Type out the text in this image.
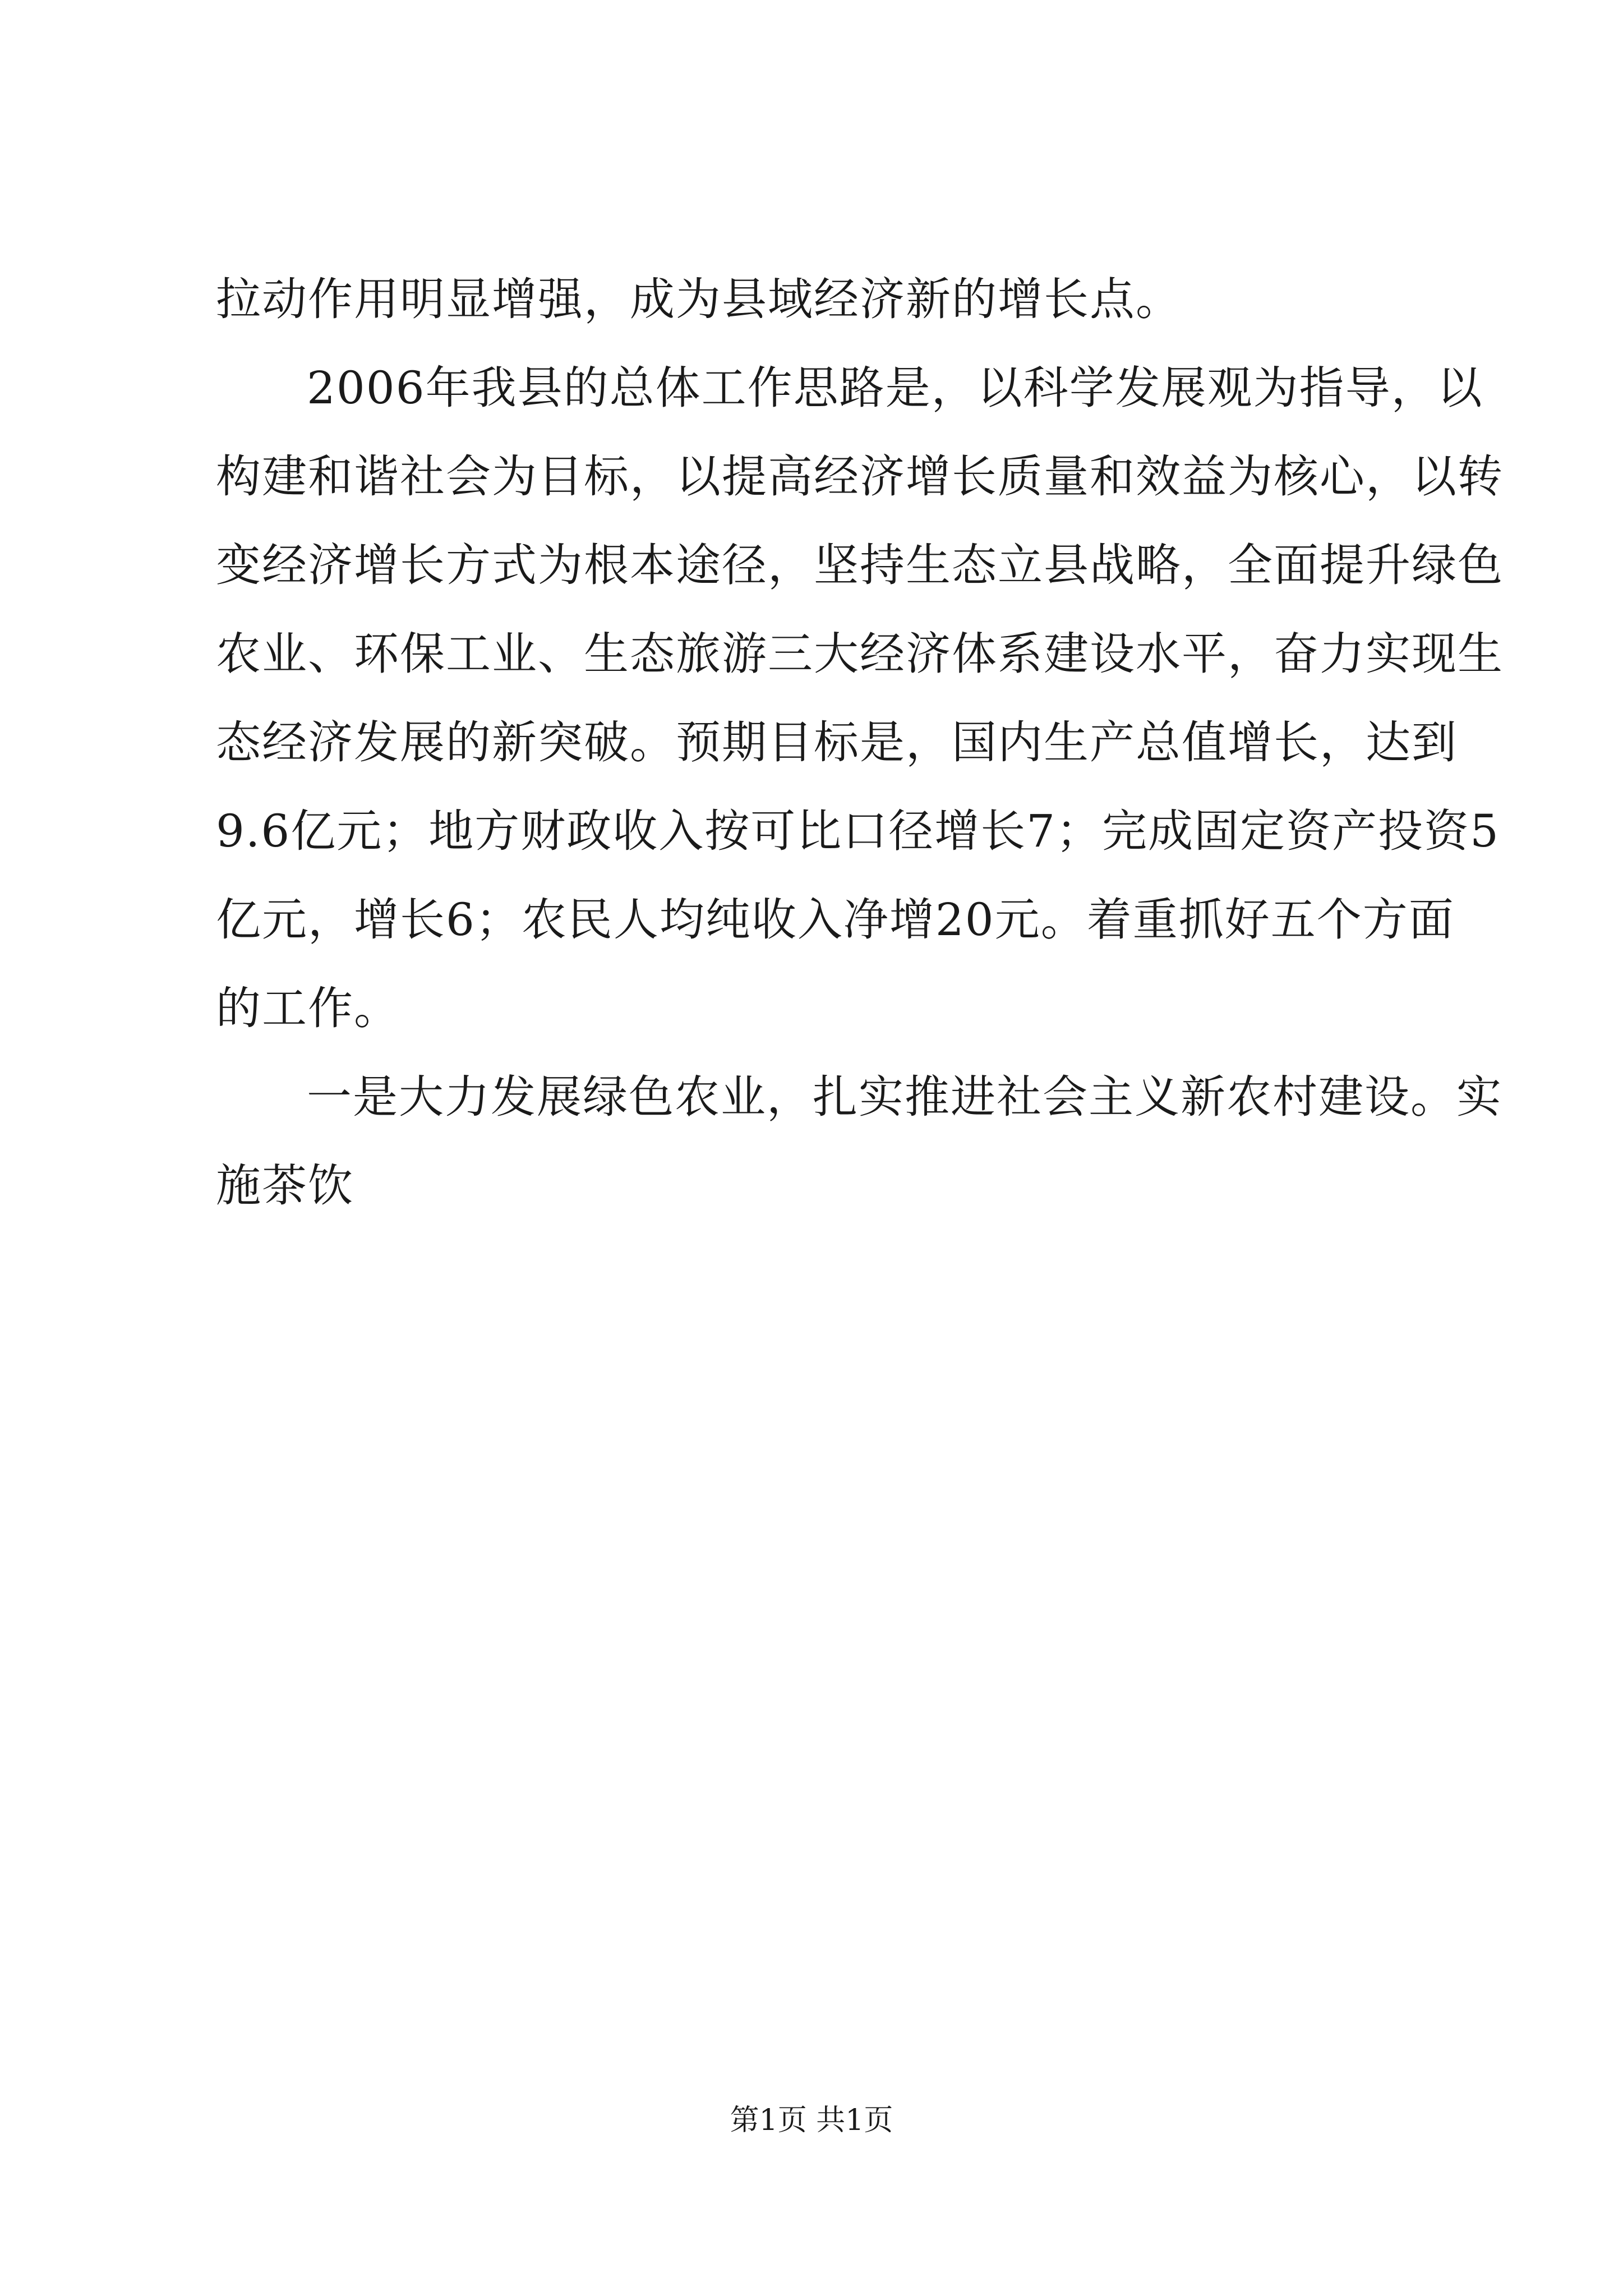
拉动作用明显增强，成为县域经济新的增长点。
2006年我县的总体工作思路是，以科学发展观为指导，以
构建和谐社会为目标，以提高经济增长质量和效益为核心，以转
变经济增长方式为根本途径，坚持生态立县战略，全面提升绿色
农业、环保工业、生态旅游三大经济体系建设水平，奋力实现生
态经济发展的新突破。预期目标是，国内生产总值增长，达到
9.6亿元；地方财政收入按可比口径增长7；完成固定资产投资5
亿元，增长6；农民人均纯收入净增20元。着重抓好五个方面
的工作。
一是大力发展绿色农业，扎实推进社会主义新农村建设。实
施茶饮
第1页 共1页
